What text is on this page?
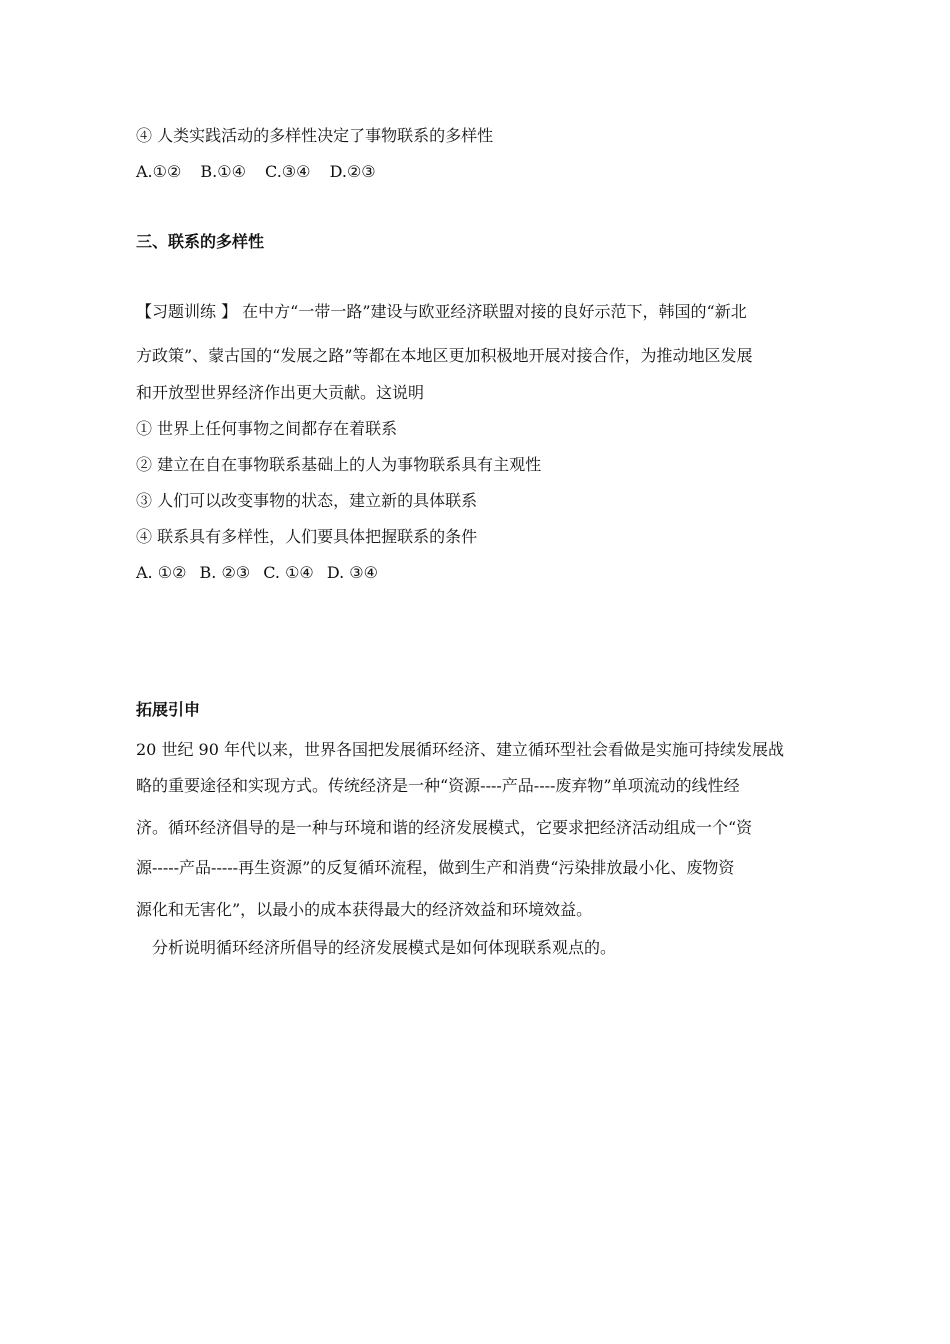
④ 人类实践活动的多样性决定了事物联系的多样性
A.①② B.①④ C.③④ D.②③
三、联系的多样性
【习题训练 】 在中方“一带一路”建设与欧亚经济联盟对接的良好示范下，韩国的“新北
方政策”、蒙古国的“发展之路”等都在本地区更加积极地开展对接合作，为推动地区发展
和开放型世界经济作出更大贡献。这说明
① 世界上任何事物之间都存在着联系
② 建立在自在事物联系基础上的人为事物联系具有主观性
③ 人们可以改变事物的状态，建立新的具体联系
④ 联系具有多样性，人们要具体把握联系的条件
A. ①② B. ②③ C. ①④ D. ③④
拓展引申
20 世纪 90 年代以来，世界各国把发展循环经济、建立循环型社会看做是实施可持续发展战
略的重要途径和实现方式。传统经济是一种“资源----产品----废弃物”单项流动的线性经
济。循环经济倡导的是一种与环境和谐的经济发展模式，它要求把经济活动组成一个“资
源-----产品-----再生资源”的反复循环流程，做到生产和消费“污染排放最小化、废物资
源化和无害化”，以最小的成本获得最大的经济效益和环境效益。
分析说明循环经济所倡导的经济发展模式是如何体现联系观点的。
